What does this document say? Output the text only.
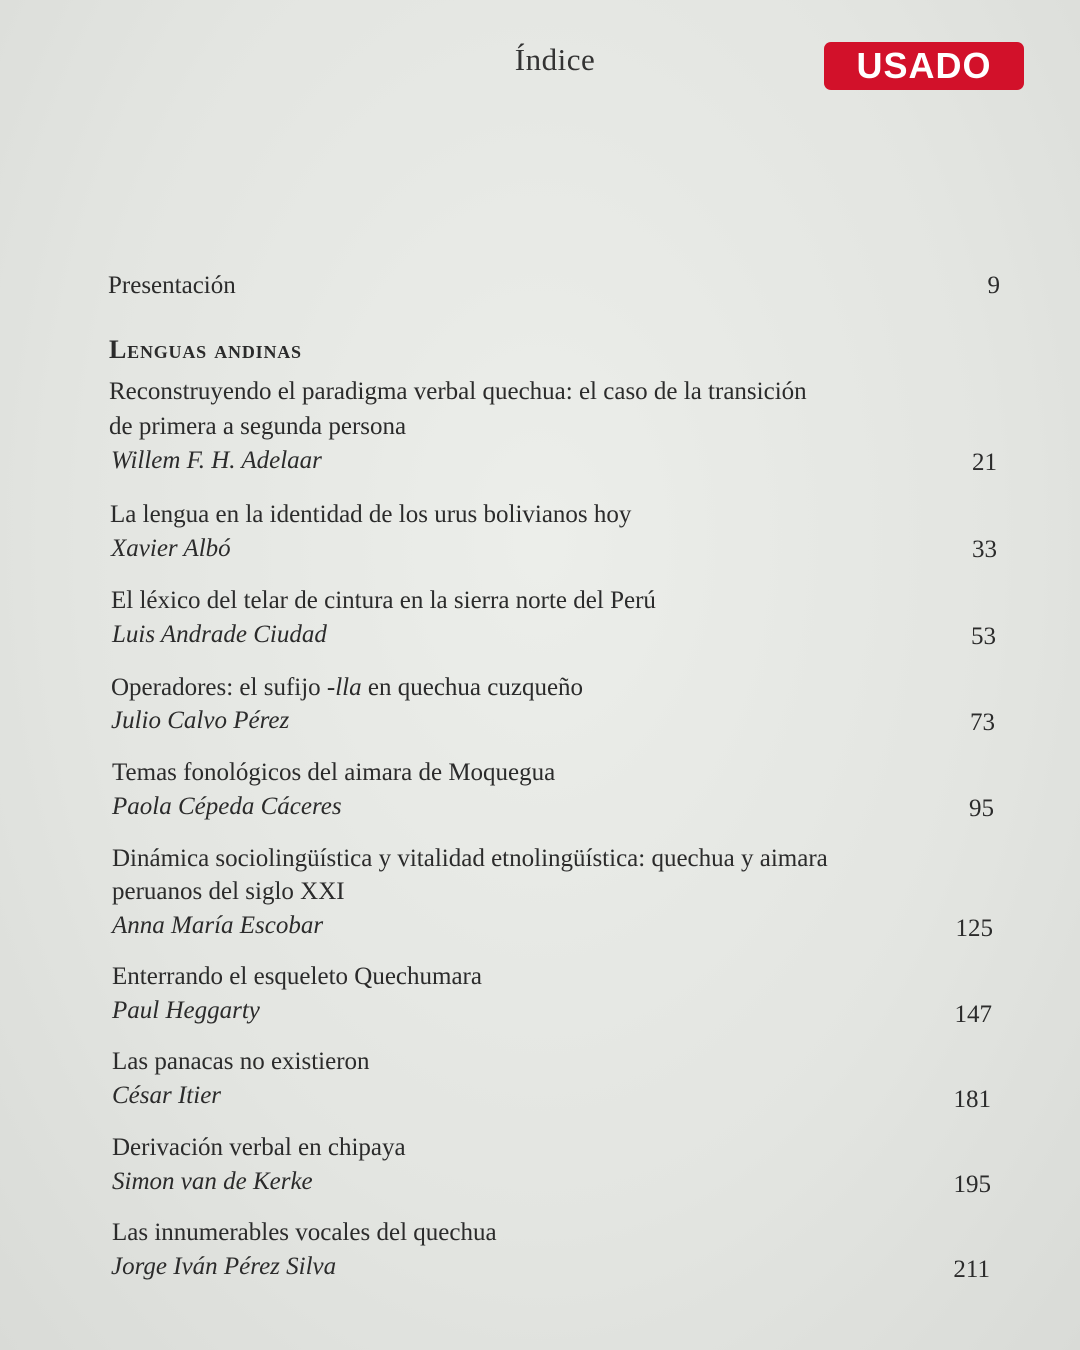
Índice	USADO
Presentación	9
Lenguas andinas
Reconstruyendo el paradigma verbal quechua: el caso de la transición
de primera a segunda persona
Willem F. H. Adelaar	21
La lengua en la identidad de los urus bolivianos hoy
Xavier Albó	33
El léxico del telar de cintura en la sierra norte del Perú
Luis Andrade Ciudad	53
Operadores: el sufijo -lla en quechua cuzqueño
Julio Calvo Pérez	73
Temas fonológicos del aimara de Moquegua
Paola Cépeda Cáceres	95
Dinámica sociolingüística y vitalidad etnolingüística: quechua y aimara
peruanos del siglo XXI
Anna María Escobar	125
Enterrando el esqueleto Quechumara
Paul Heggarty	147
Las panacas no existieron
César Itier	181
Derivación verbal en chipaya
Simon van de Kerke	195
Las innumerables vocales del quechua
Jorge Iván Pérez Silva	211
